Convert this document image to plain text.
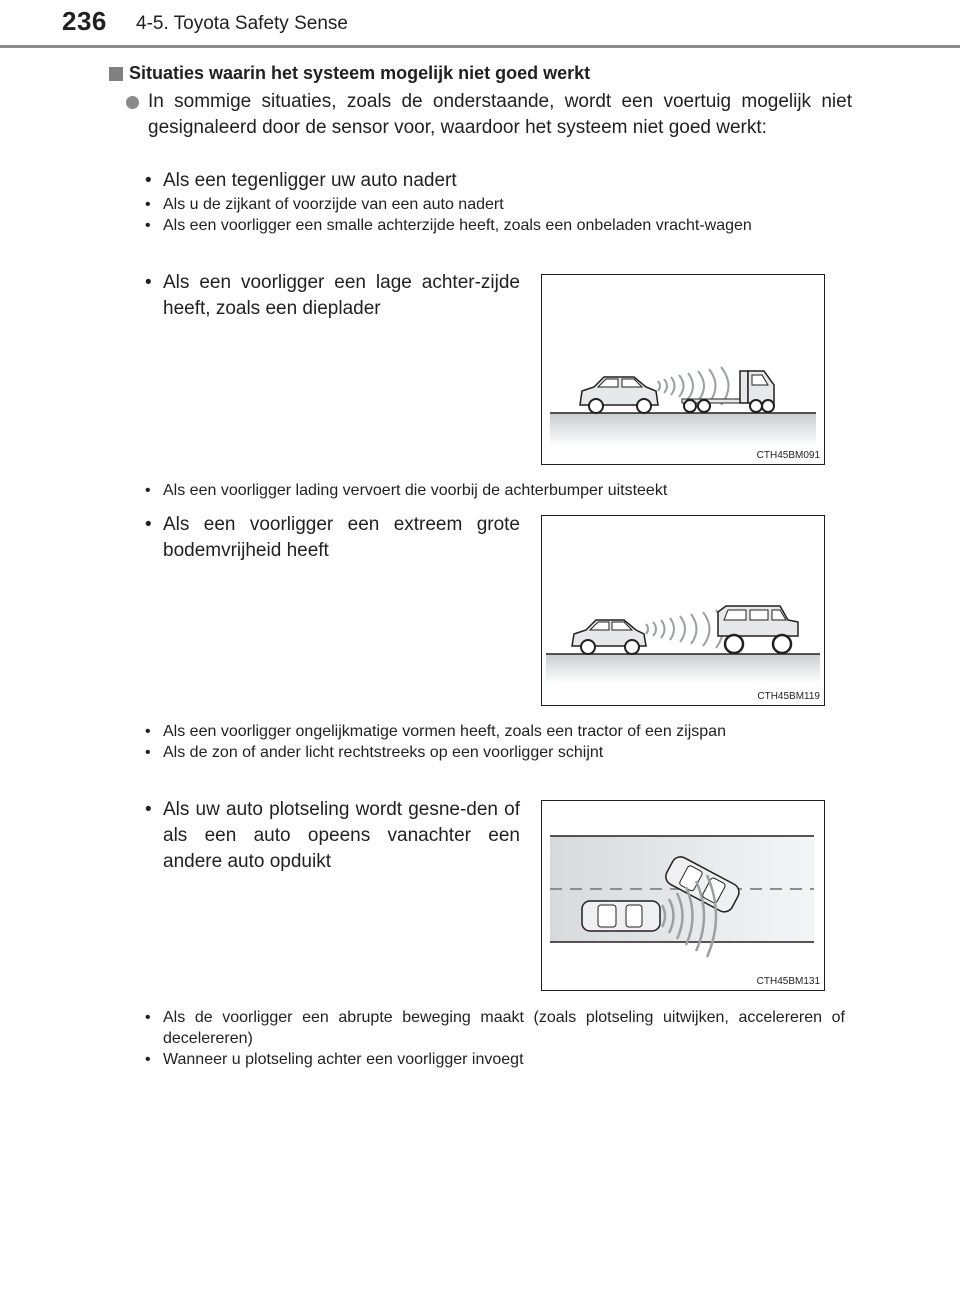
236 4-5. Toyota Safety Sense
Situaties waarin het systeem mogelijk niet goed werkt

In sommige situaties, zoals de onderstaande, wordt een voertuig mogelijk niet gesignaleerd door de sensor voor, waardoor het systeem niet goed werkt:

• Als een tegenligger uw auto nadert
• Als u de zijkant of voorzijde van een auto nadert
• Als een voorligger een smalle achterzijde heeft, zoals een onbeladen vracht-wagen
• Als een voorligger een lage achter-zijde heeft, zoals een dieplader
CTH45BM091
• Als een voorligger lading vervoert die voorbij de achterbumper uitsteekt
• Als een voorligger een extreem grote bodemvrijheid heeft
CTH45BM119
• Als een voorligger ongelijkmatige vormen heeft, zoals een tractor of een zijspan
• Als de zon of ander licht rechtstreeks op een voorligger schijnt
• Als uw auto plotseling wordt gesne-den of als een auto opeens vanachter een andere auto opduikt
CTH45BM131
• Als de voorligger een abrupte beweging maakt (zoals plotseling uitwijken, accelereren of decelereren)
• Wanneer u plotseling achter een voorligger invoegt
